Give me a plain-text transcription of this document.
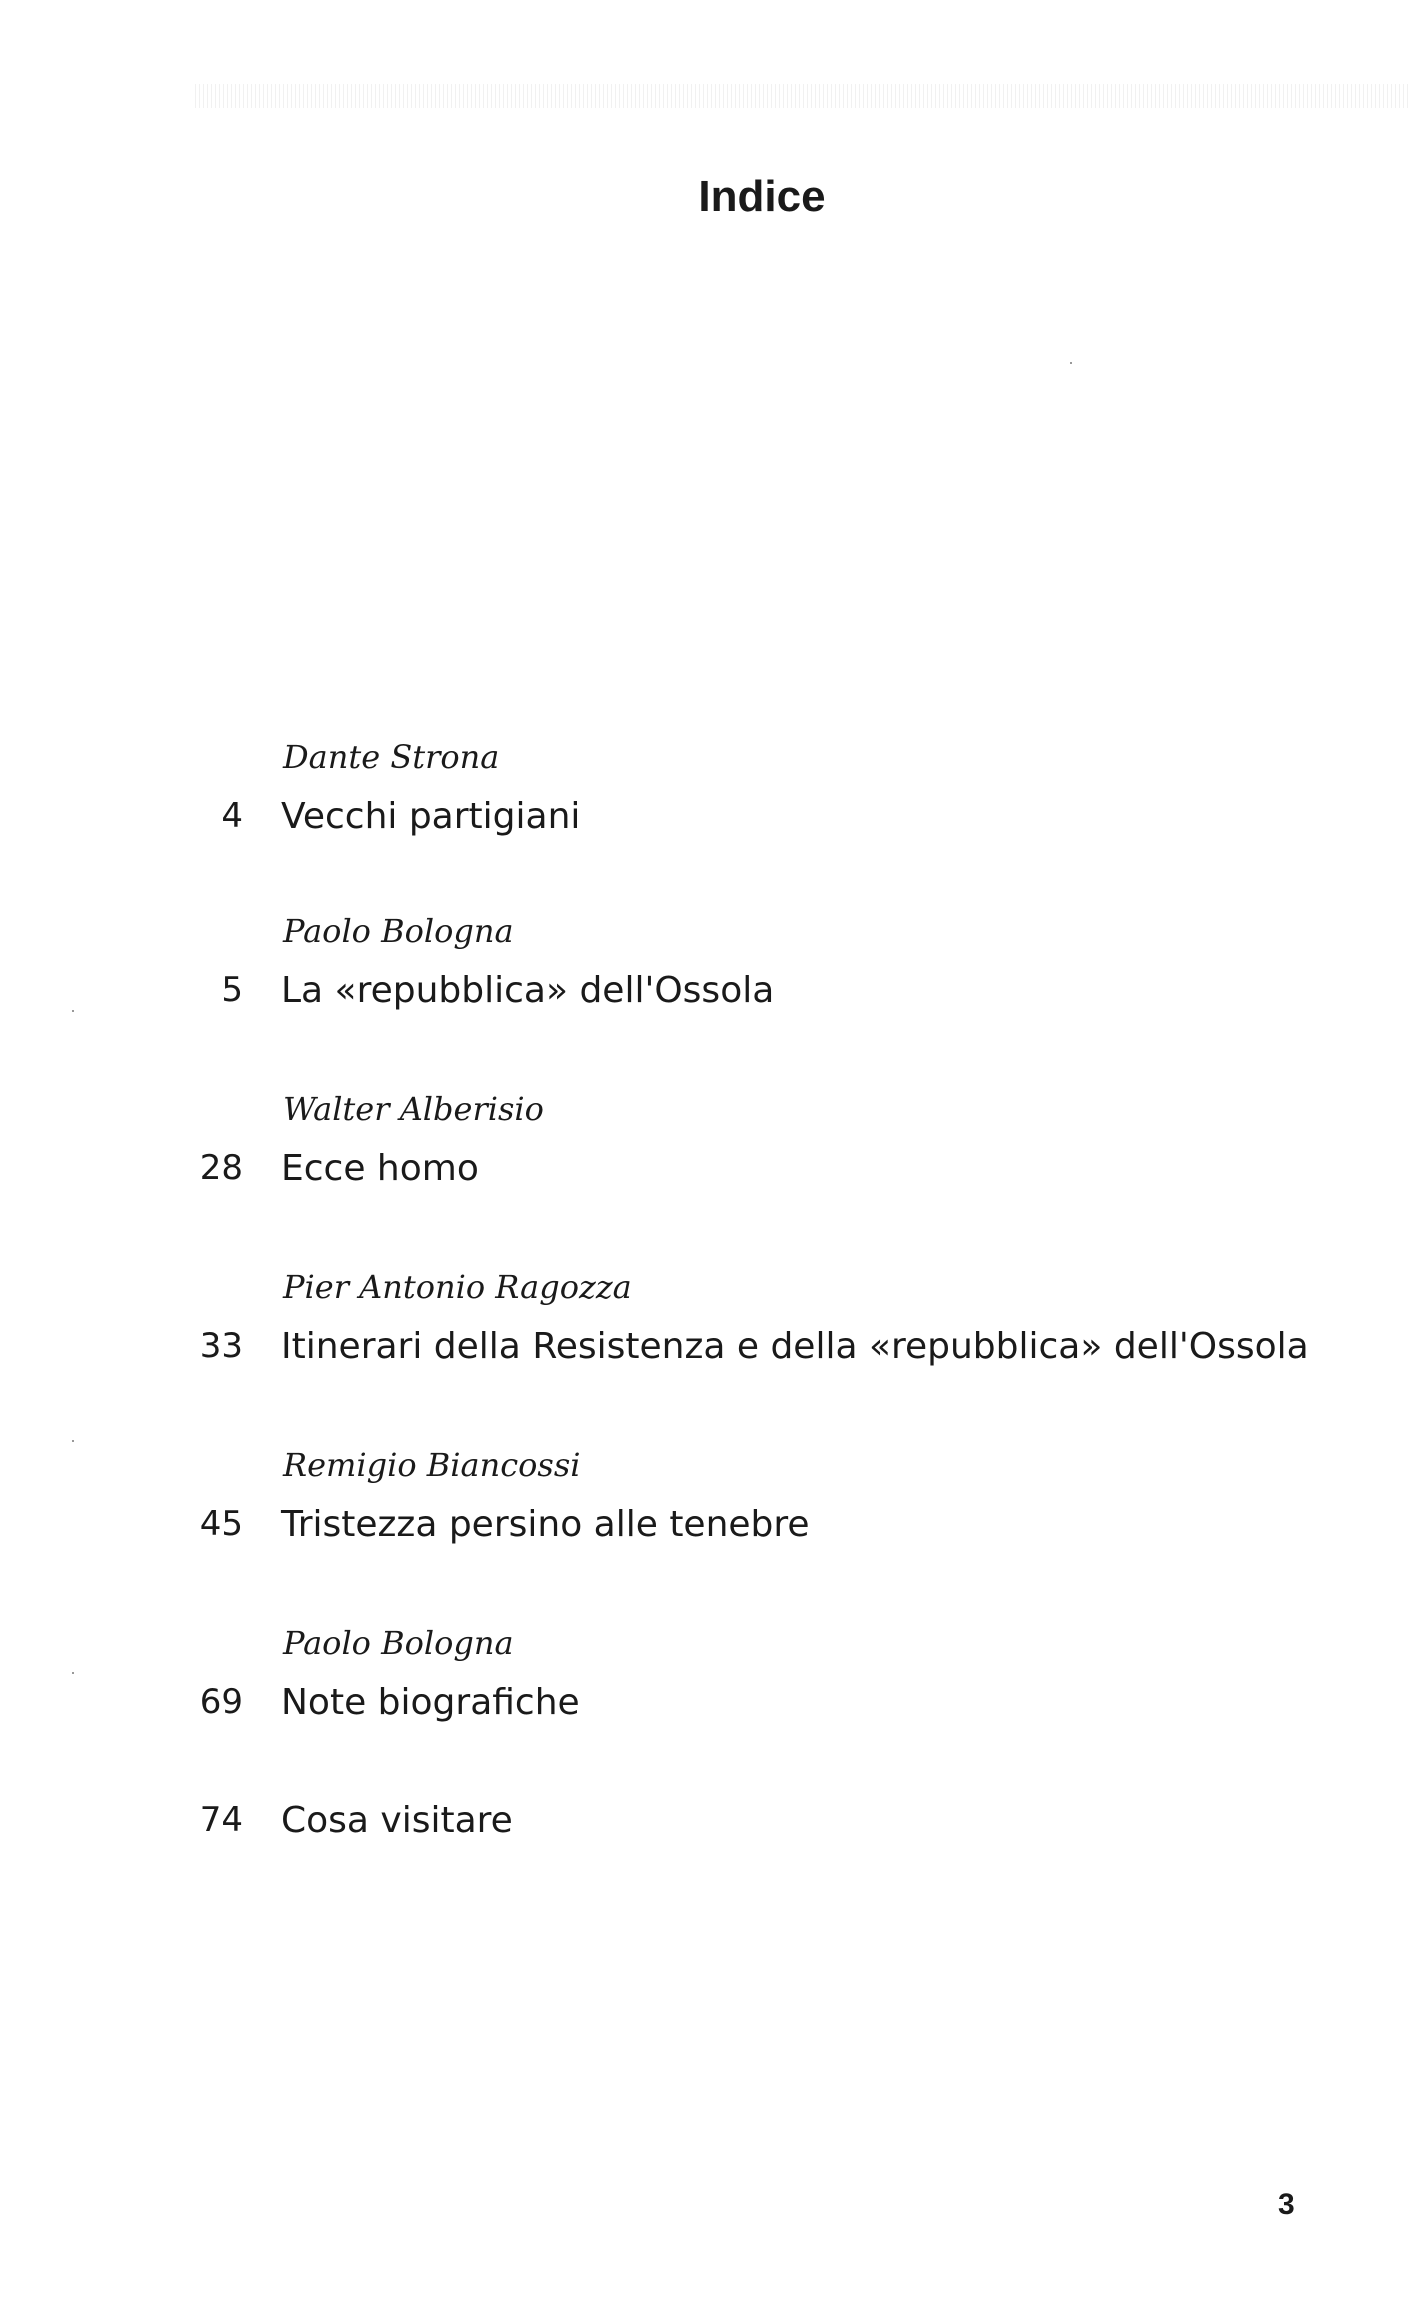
Indice
Dante Strona
4 Vecchi partigiani
Paolo Bologna
5 La «repubblica» dell'Ossola
Walter Alberisio
28 Ecce homo
Pier Antonio Ragozza
33 Itinerari della Resistenza e della «repubblica» dell'Ossola
Remigio Biancossi
45 Tristezza persino alle tenebre
Paolo Bologna
69 Note biografiche
74 Cosa visitare
3
